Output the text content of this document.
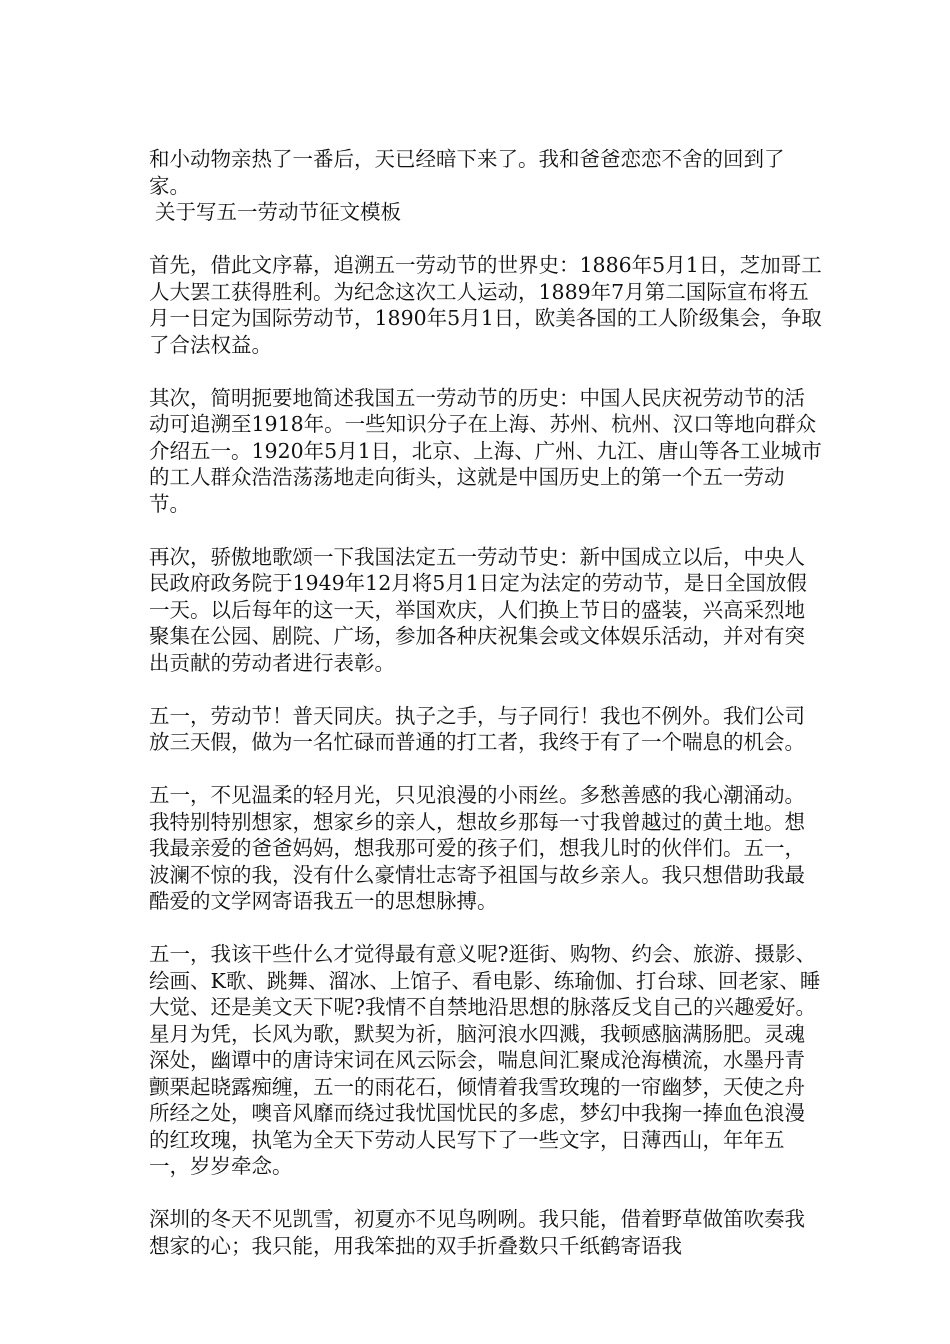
和小动物亲热了一番后，天已经暗下来了。我和爸爸恋恋不舍的回到了家。

关于写五一劳动节征文模板

首先，借此文序幕，追溯五一劳动节的世界史：1886年5月1日，芝加哥工人大罢工获得胜利。为纪念这次工人运动，1889年7月第二国际宣布将五月一日定为国际劳动节，1890年5月1日，欧美各国的工人阶级集会，争取了合法权益。

其次，简明扼要地简述我国五一劳动节的历史：中国人民庆祝劳动节的活动可追溯至1918年。一些知识分子在上海、苏州、杭州、汉口等地向群众介绍五一。1920年5月1日，北京、上海、广州、九江、唐山等各工业城市的工人群众浩浩荡荡地走向街头，这就是中国历史上的第一个五一劳动节。

再次，骄傲地歌颂一下我国法定五一劳动节史：新中国成立以后，中央人民政府政务院于1949年12月将5月1日定为法定的劳动节，是日全国放假一天。以后每年的这一天，举国欢庆，人们换上节日的盛装，兴高采烈地聚集在公园、剧院、广场，参加各种庆祝集会或文体娱乐活动，并对有突出贡献的劳动者进行表彰。

五一，劳动节！普天同庆。执子之手，与子同行！我也不例外。我们公司放三天假，做为一名忙碌而普通的打工者，我终于有了一个喘息的机会。

五一，不见温柔的轻月光，只见浪漫的小雨丝。多愁善感的我心潮涌动。我特别特别想家，想家乡的亲人，想故乡那每一寸我曾越过的黄土地。想我最亲爱的爸爸妈妈，想我那可爱的孩子们，想我儿时的伙伴们。五一，波澜不惊的我，没有什么豪情壮志寄予祖国与故乡亲人。我只想借助我最酷爱的文学网寄语我五一的思想脉搏。

五一，我该干些什么才觉得最有意义呢?逛街、购物、约会、旅游、摄影、绘画、K歌、跳舞、溜冰、上馆子、看电影、练瑜伽、打台球、回老家、睡大觉、还是美文天下呢?我情不自禁地沿思想的脉落反戈自己的兴趣爱好。星月为凭，长风为歌，默契为祈，脑河浪水四溅，我顿感脑满肠肥。灵魂深处，幽谭中的唐诗宋词在风云际会，喘息间汇聚成沧海横流，水墨丹青颤栗起晓露痴缠，五一的雨花石，倾情着我雪玫瑰的一帘幽梦，天使之舟所经之处，噢音风靡而绕过我忧国忧民的多虑，梦幻中我掬一捧血色浪漫的红玫瑰，执笔为全天下劳动人民写下了一些文字，日薄西山，年年五一，岁岁牵念。

深圳的冬天不见凯雪，初夏亦不见鸟咧咧。我只能，借着野草做笛吹奏我想家的心；我只能，用我笨拙的双手折叠数只千纸鹤寄语我
